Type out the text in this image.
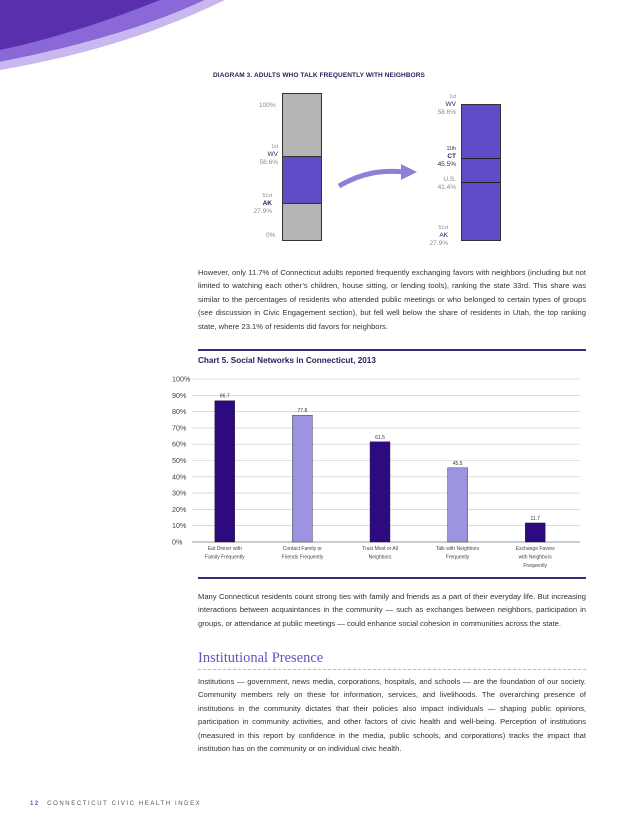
DIAGRAM 3. ADULTS WHO TALK FREQUENTLY WITH NEIGHBORS
100%
1st
WV
58.6%
51st
AK
27.9%
0%
1st
WV
58.6%
11th
CT
45.5%
U.S.
41.4%
51st
AK
27.9%
However, only 11.7% of Connecticut adults reported frequently exchanging favors with neighbors (including but not limited to watching each other’s children, house sitting, or lending tools), ranking the state 33rd. This share was similar to the percentages of residents who attended public meetings or who belonged to certain types of groups (see discussion in Civic Engagement section), but fell well below the share of residents in Utah, the top ranking state, where 23.1% of residents did favors for neighbors.
Chart 5. Social Networks in Connecticut, 2013
0%
10%
20%
30%
40%
50%
60%
70%
80%
90%
100%
86.7
Eat Dinner with
Family Frequently
77.8
Contact Family or
Friends Frequently
61.5
Trust Most or All
Neighbors
45.5
Talk with Neighbors
Frequently
11.7
Exchange Favors
with Neighbors
Frequently
Many Connecticut residents count strong ties with family and friends as a part of their everyday life. But increasing interactions between acquaintances in the community — such as exchanges between neighbors, participation in groups, or attendance at public meetings — could enhance social cohesion in communities across the state.
Institutional Presence
Institutions — government, news media, corporations, hospitals, and schools — are the foundation of our society. Community members rely on these for information, services, and livelihoods. The overarching presence of institutions in the community dictates that their policies also impact individuals — shaping public opinions, participation in community activities, and other factors of civic health and well-being. Perception of institutions (measured in this report by confidence in the media, public schools, and corporations) tracks the impact that institution has on the community or on individual civic health.
12 CONNECTICUT CIVIC HEALTH INDEX
